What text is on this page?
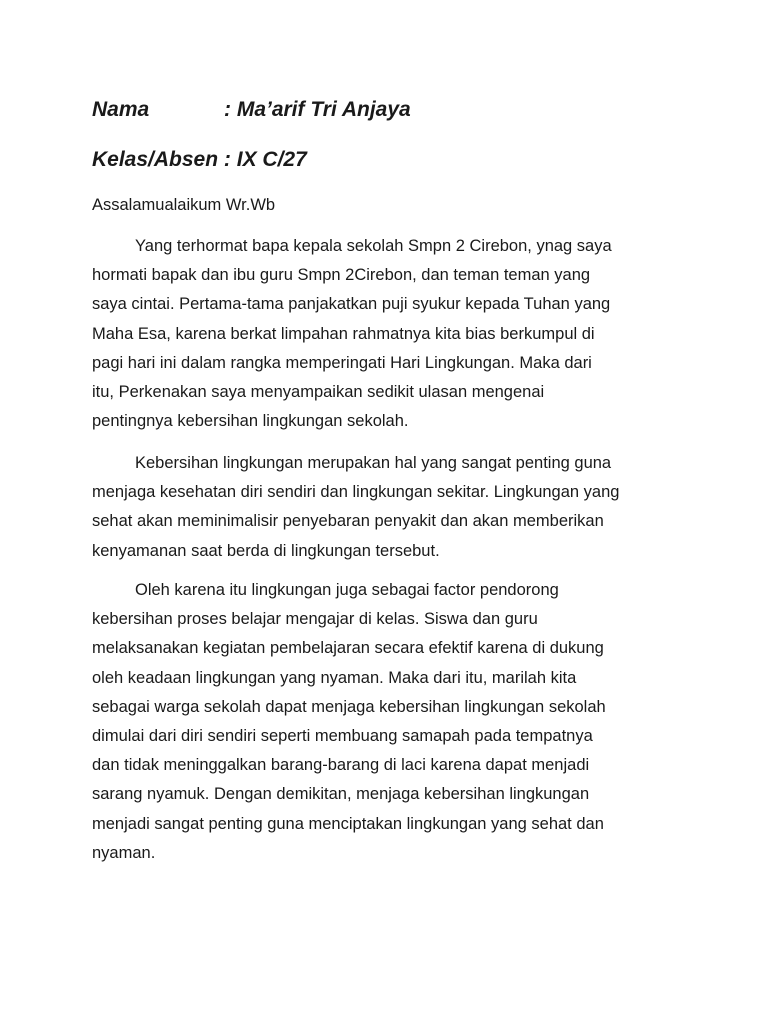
Nama	: Ma’arif Tri Anjaya
Kelas/Absen : IX C/27
Assalamualaikum Wr.Wb

Yang terhormat bapa kepala sekolah Smpn 2 Cirebon, ynag saya
hormati bapak dan ibu guru Smpn 2Cirebon, dan teman teman yang
saya cintai. Pertama-tama panjakatkan puji syukur kepada Tuhan yang
Maha Esa, karena berkat limpahan rahmatnya kita bias berkumpul di
pagi hari ini dalam rangka memperingati Hari Lingkungan. Maka dari
itu, Perkenakan saya menyampaikan sedikit ulasan mengenai
pentingnya kebersihan lingkungan sekolah.

Kebersihan lingkungan merupakan hal yang sangat penting guna
menjaga kesehatan diri sendiri dan lingkungan sekitar. Lingkungan yang
sehat akan meminimalisir penyebaran penyakit dan akan memberikan
kenyamanan saat berda di lingkungan tersebut.

Oleh karena itu lingkungan juga sebagai factor pendorong
kebersihan proses belajar mengajar di kelas. Siswa dan guru
melaksanakan kegiatan pembelajaran secara efektif karena di dukung
oleh keadaan lingkungan yang nyaman. Maka dari itu, marilah kita
sebagai warga sekolah dapat menjaga kebersihan lingkungan sekolah
dimulai dari diri sendiri seperti membuang samapah pada tempatnya
dan tidak meninggalkan barang-barang di laci karena dapat menjadi
sarang nyamuk. Dengan demikitan, menjaga kebersihan lingkungan
menjadi sangat penting guna menciptakan lingkungan yang sehat dan
nyaman.
